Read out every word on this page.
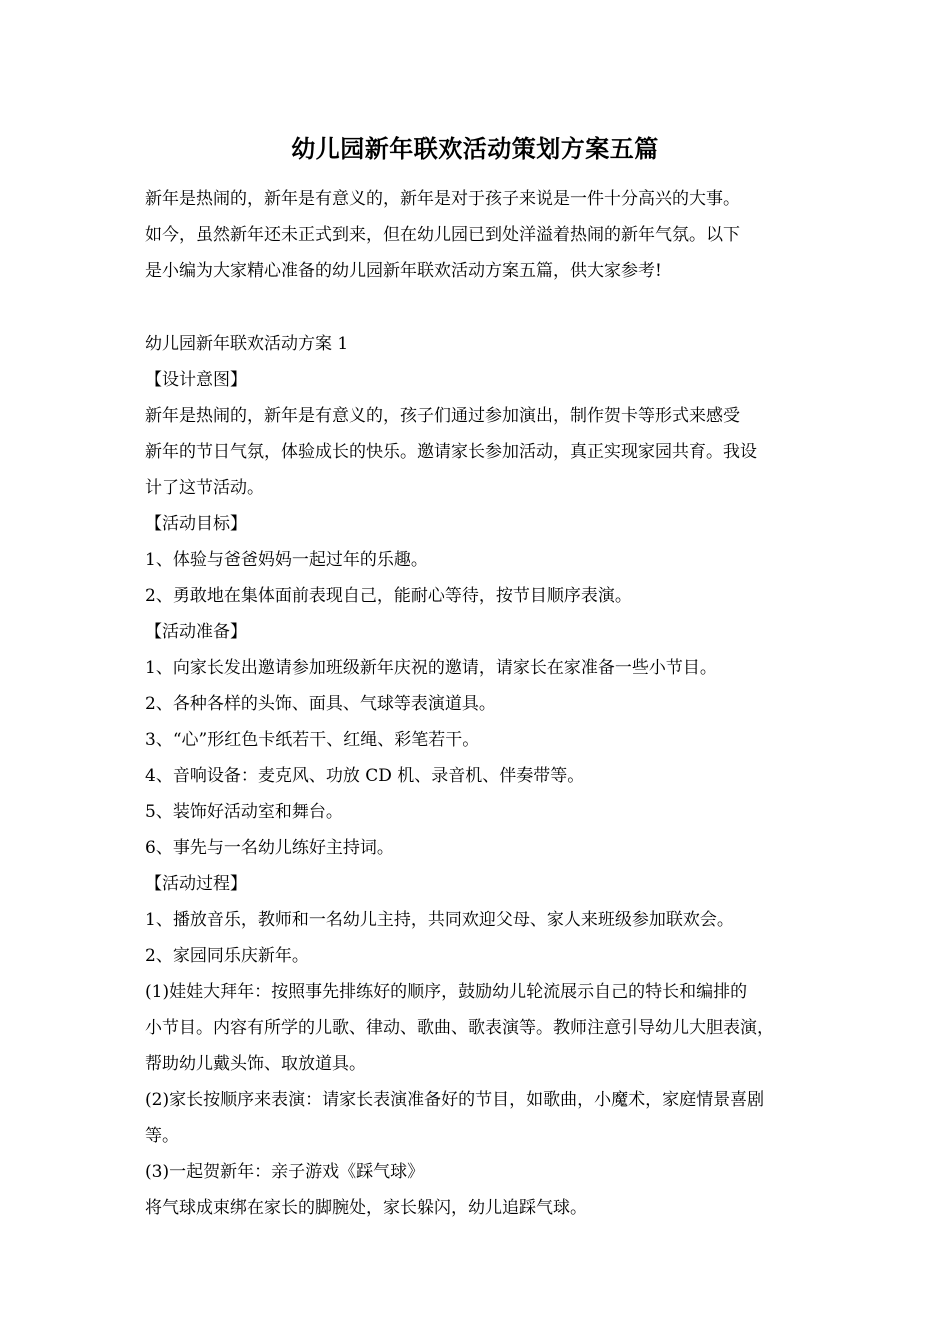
幼儿园新年联欢活动策划方案五篇
新年是热闹的，新年是有意义的，新年是对于孩子来说是一件十分高兴的大事。
如今，虽然新年还未正式到来，但在幼儿园已到处洋溢着热闹的新年气氛。以下
是小编为大家精心准备的幼儿园新年联欢活动方案五篇，供大家参考!
幼儿园新年联欢活动方案 1
【设计意图】
新年是热闹的，新年是有意义的，孩子们通过参加演出，制作贺卡等形式来感受
新年的节日气氛，体验成长的快乐。邀请家长参加活动，真正实现家园共育。我设
计了这节活动。
【活动目标】
1、体验与爸爸妈妈一起过年的乐趣。
2、勇敢地在集体面前表现自己，能耐心等待，按节目顺序表演。
【活动准备】
1、向家长发出邀请参加班级新年庆祝的邀请，请家长在家准备一些小节目。
2、各种各样的头饰、面具、气球等表演道具。
3、“心”形红色卡纸若干、红绳、彩笔若干。
4、音响设备：麦克风、功放 CD 机、录音机、伴奏带等。
5、装饰好活动室和舞台。
6、事先与一名幼儿练好主持词。
【活动过程】
1、播放音乐，教师和一名幼儿主持，共同欢迎父母、家人来班级参加联欢会。
2、家园同乐庆新年。
(1)娃娃大拜年：按照事先排练好的顺序，鼓励幼儿轮流展示自己的特长和编排的
小节目。内容有所学的儿歌、律动、歌曲、歌表演等。教师注意引导幼儿大胆表演，
帮助幼儿戴头饰、取放道具。
(2)家长按顺序来表演：请家长表演准备好的节目，如歌曲，小魔术，家庭情景喜剧
等。
(3)一起贺新年：亲子游戏《踩气球》
将气球成束绑在家长的脚腕处，家长躲闪，幼儿追踩气球。
